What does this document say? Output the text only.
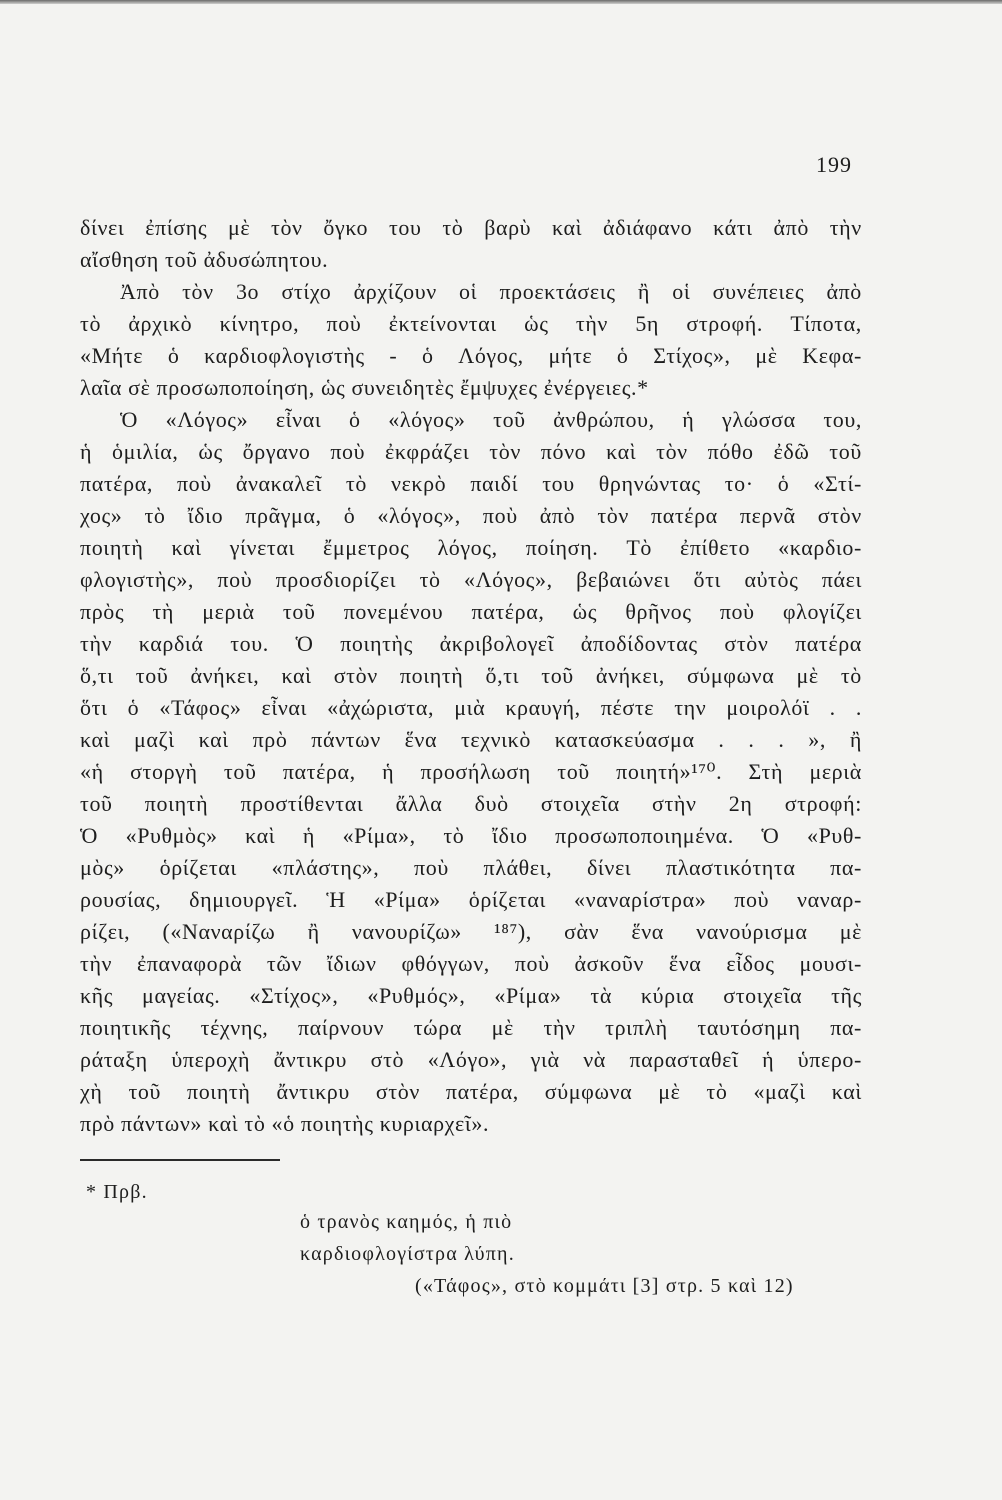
199
δίνει ἐπίσης μὲ τὸν ὄγκο του τὸ βαρὺ καὶ ἀδιάφανο κάτι ἀπὸ τὴν
αἴσθηση τοῦ ἀδυσώπητου.
Ἀπὸ τὸν 3ο στίχο ἀρχίζουν οἱ προεκτάσεις ἢ οἱ συνέπειες ἀπὸ
τὸ ἀρχικὸ κίνητρο, ποὺ ἐκτείνονται ὡς τὴν 5η στροφή. Τίποτα,
«Μήτε ὁ καρδιοφλογιστὴς - ὁ Λόγος, μήτε ὁ Στίχος», μὲ Κεφα-
λαῖα σὲ προσωποποίηση, ὡς συνειδητὲς ἔμψυχες ἐνέργειες.*
Ὁ «Λόγος» εἶναι ὁ «λόγος» τοῦ ἀνθρώπου, ἡ γλώσσα του,
ἡ ὁμιλία, ὡς ὄργανο ποὺ ἐκφράζει τὸν πόνο καὶ τὸν πόθο ἐδῶ τοῦ
πατέρα, ποὺ ἀνακαλεῖ τὸ νεκρὸ παιδί του θρηνώντας το· ὁ «Στί-
χος» τὸ ἴδιο πρᾶγμα, ὁ «λόγος», ποὺ ἀπὸ τὸν πατέρα περνᾶ στὸν
ποιητὴ καὶ γίνεται ἔμμετρος λόγος, ποίηση. Τὸ ἐπίθετο «καρδιο-
φλογιστὴς», ποὺ προσδιορίζει τὸ «Λόγος», βεβαιώνει ὅτι αὐτὸς πάει
πρὸς τὴ μεριὰ τοῦ πονεμένου πατέρα, ὡς θρῆνος ποὺ φλογίζει
τὴν καρδιά του. Ὁ ποιητὴς ἀκριβολογεῖ ἀποδίδοντας στὸν πατέρα
ὅ,τι τοῦ ἀνήκει, καὶ στὸν ποιητὴ ὅ,τι τοῦ ἀνήκει, σύμφωνα μὲ τὸ
ὅτι ὁ «Τάφος» εἶναι «ἀχώριστα, μιὰ κραυγή, πέστε την μοιρολόϊ . .
καὶ μαζὶ καὶ πρὸ πάντων ἕνα τεχνικὸ κατασκεύασμα . . . », ἢ
«ἡ στοργὴ τοῦ πατέρα, ἡ προσήλωση τοῦ ποιητή»¹⁷⁰. Στὴ μεριὰ
τοῦ ποιητὴ προστίθενται ἄλλα δυὸ στοιχεῖα στὴν 2η στροφή:
Ὁ «Ρυθμὸς» καὶ ἡ «Ρίμα», τὸ ἴδιο προσωποποιημένα. Ὁ «Ρυθ-
μὸς» ὁρίζεται «πλάστης», ποὺ πλάθει, δίνει πλαστικότητα πα-
ρουσίας, δημιουργεῖ. Ἡ «Ρίμα» ὁρίζεται «ναναρίστρα» ποὺ ναναρ-
ρίζει, («Ναναρίζω ἢ νανουρίζω» ¹⁸⁷), σὰν ἕνα νανούρισμα μὲ
τὴν ἐπαναφορὰ τῶν ἴδιων φθόγγων, ποὺ ἀσκοῦν ἕνα εἶδος μουσι-
κῆς μαγείας. «Στίχος», «Ρυθμός», «Ρίμα» τὰ κύρια στοιχεῖα τῆς
ποιητικῆς τέχνης, παίρνουν τώρα μὲ τὴν τριπλὴ ταυτόσημη πα-
ράταξη ὑπεροχὴ ἄντικρυ στὸ «Λόγο», γιὰ νὰ παρασταθεῖ ἡ ὑπερο-
χὴ τοῦ ποιητὴ ἄντικρυ στὸν πατέρα, σύμφωνα μὲ τὸ «μαζὶ καὶ
πρὸ πάντων» καὶ τὸ «ὁ ποιητὴς κυριαρχεῖ».
* Πρβ.
ὁ τρανὸς καημός, ἡ πιὸ
καρδιοφλογίστρα λύπη.
(«Τάφος», στὸ κομμάτι [3] στρ. 5 καὶ 12)
